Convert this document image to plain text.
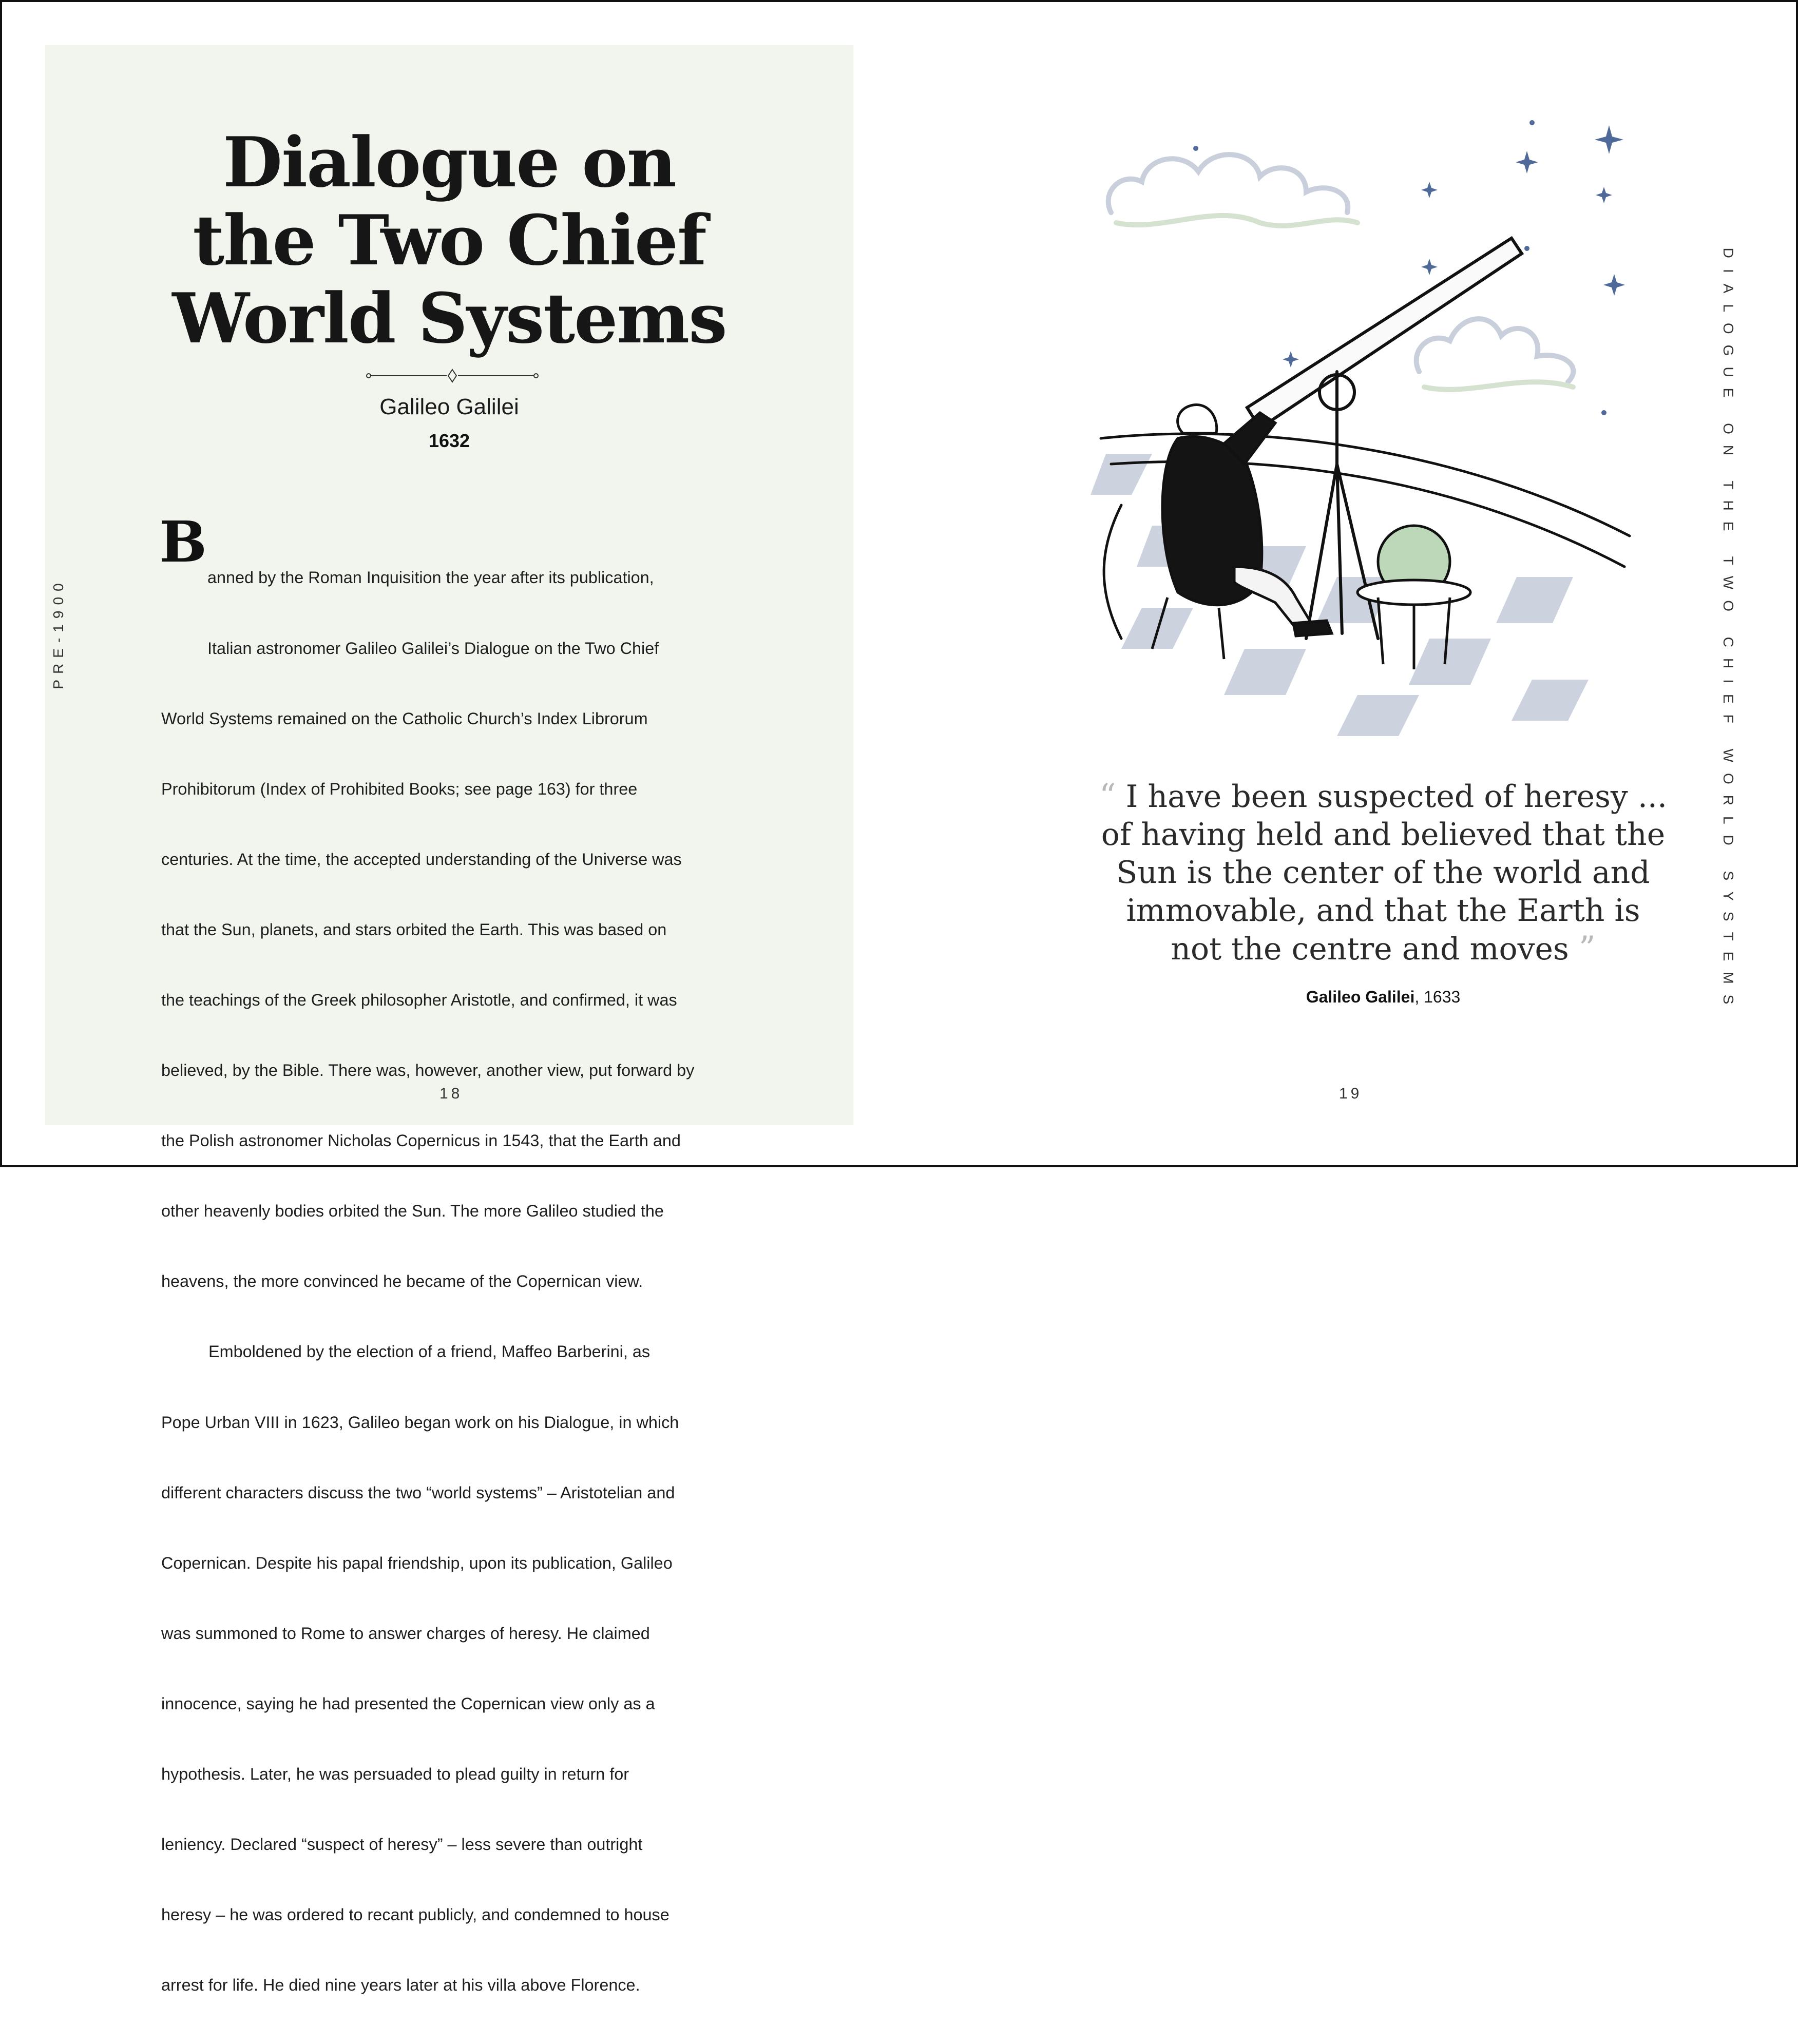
Dialogue on
the Two Chief
World Systems
Galileo Galilei
1632
PRE-1900
B

anned by the Roman Inquisition the year after its publication,

Italian astronomer Galileo Galilei’s Dialogue on the Two Chief

World Systems remained on the Catholic Church’s Index Librorum

Prohibitorum (Index of Prohibited Books; see page 163) for three

centuries. At the time, the accepted understanding of the Universe was

that the Sun, planets, and stars orbited the Earth. This was based on

the teachings of the Greek philosopher Aristotle, and confirmed, it was

believed, by the Bible. There was, however, another view, put forward by

the Polish astronomer Nicholas Copernicus in 1543, that the Earth and

other heavenly bodies orbited the Sun. The more Galileo studied the

heavens, the more convinced he became of the Copernican view.

Emboldened by the election of a friend, Maffeo Barberini, as

Pope Urban VIII in 1623, Galileo began work on his Dialogue, in which

different characters discuss the two “world systems” – Aristotelian and

Copernican. Despite his papal friendship, upon its publication, Galileo

was summoned to Rome to answer charges of heresy. He claimed

innocence, saying he had presented the Copernican view only as a

hypothesis. Later, he was persuaded to plead guilty in return for

leniency. Declared “suspect of heresy” – less severe than outright

heresy – he was ordered to recant publicly, and condemned to house

arrest for life. He died nine years later at his villa above Florence.

18
“ I have been suspected of heresy ...
of having held and believed that the
Sun is the center of the world and
immovable, and that the Earth is
not the centre and moves ”
Galileo Galilei, 1633	DIALOGUE ON THE TWO CHIEF WORLD SYSTEMS
19
